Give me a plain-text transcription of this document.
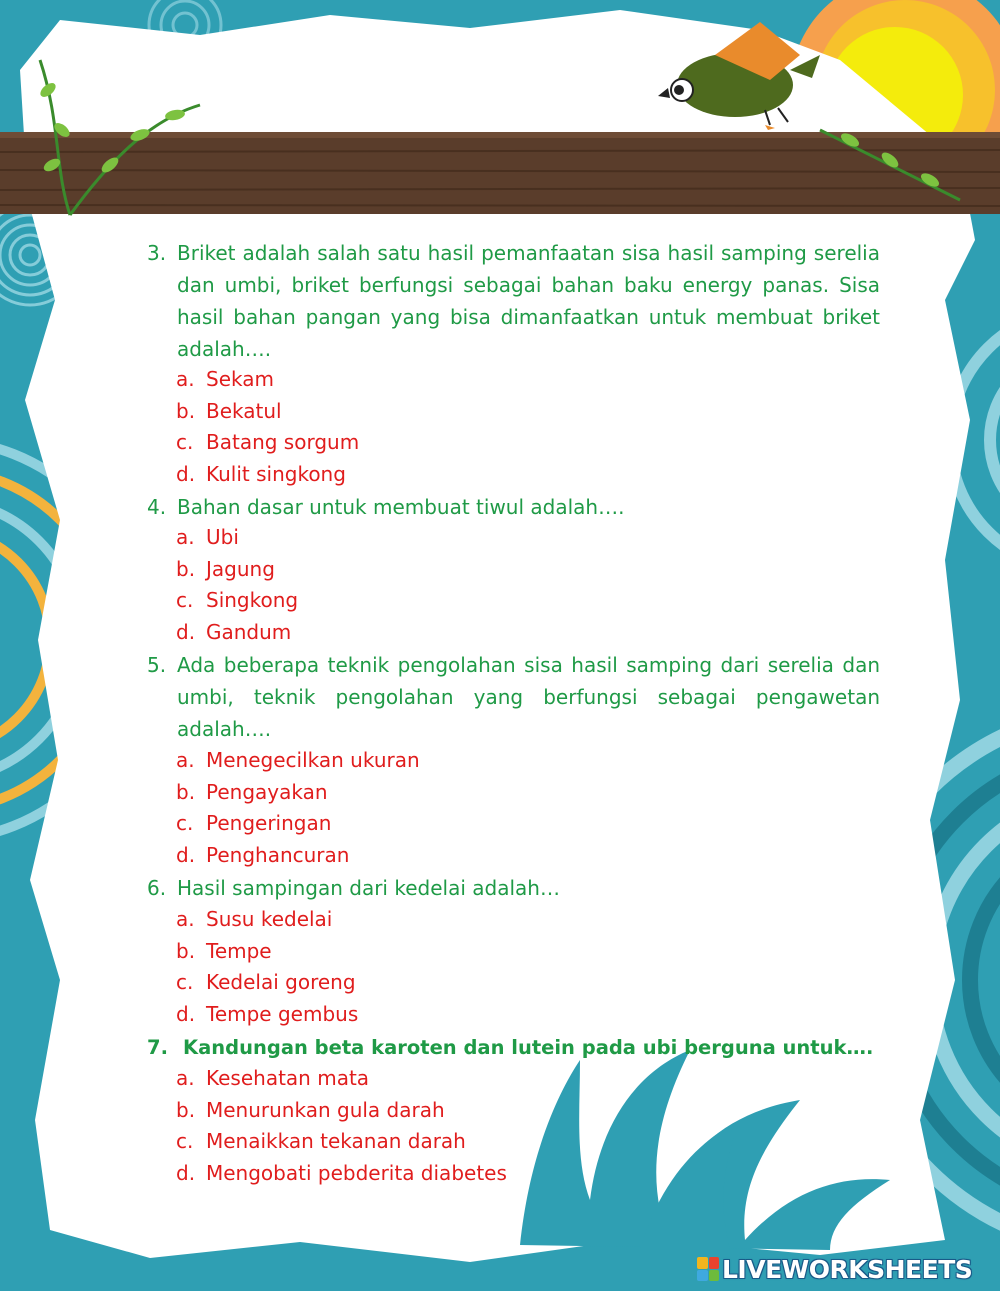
3. Briket adalah salah satu hasil pemanfaatan sisa hasil samping serelia dan umbi, briket berfungsi sebagai bahan baku energy panas. Sisa hasil bahan pangan yang bisa dimanfaatkan untuk membuat briket adalah….
a. Sekam
b. Bekatul
c. Batang sorgum
d. Kulit singkong
4. Bahan dasar untuk membuat tiwul adalah….
a. Ubi
b. Jagung
c. Singkong
d. Gandum
5. Ada beberapa teknik pengolahan sisa hasil samping dari serelia dan umbi, teknik pengolahan yang berfungsi sebagai pengawetan adalah….
a. Menegecilkan ukuran
b. Pengayakan
c. Pengeringan
d. Penghancuran
6. Hasil sampingan dari kedelai adalah…
a. Susu kedelai
b. Tempe
c. Kedelai goreng
d. Tempe gembus
7. Kandungan beta karoten dan lutein pada ubi berguna untuk….
a. Kesehatan mata
b. Menurunkan gula darah
c. Menaikkan tekanan darah
d. Mengobati pebderita diabetes
LIVEWORKSHEETS
